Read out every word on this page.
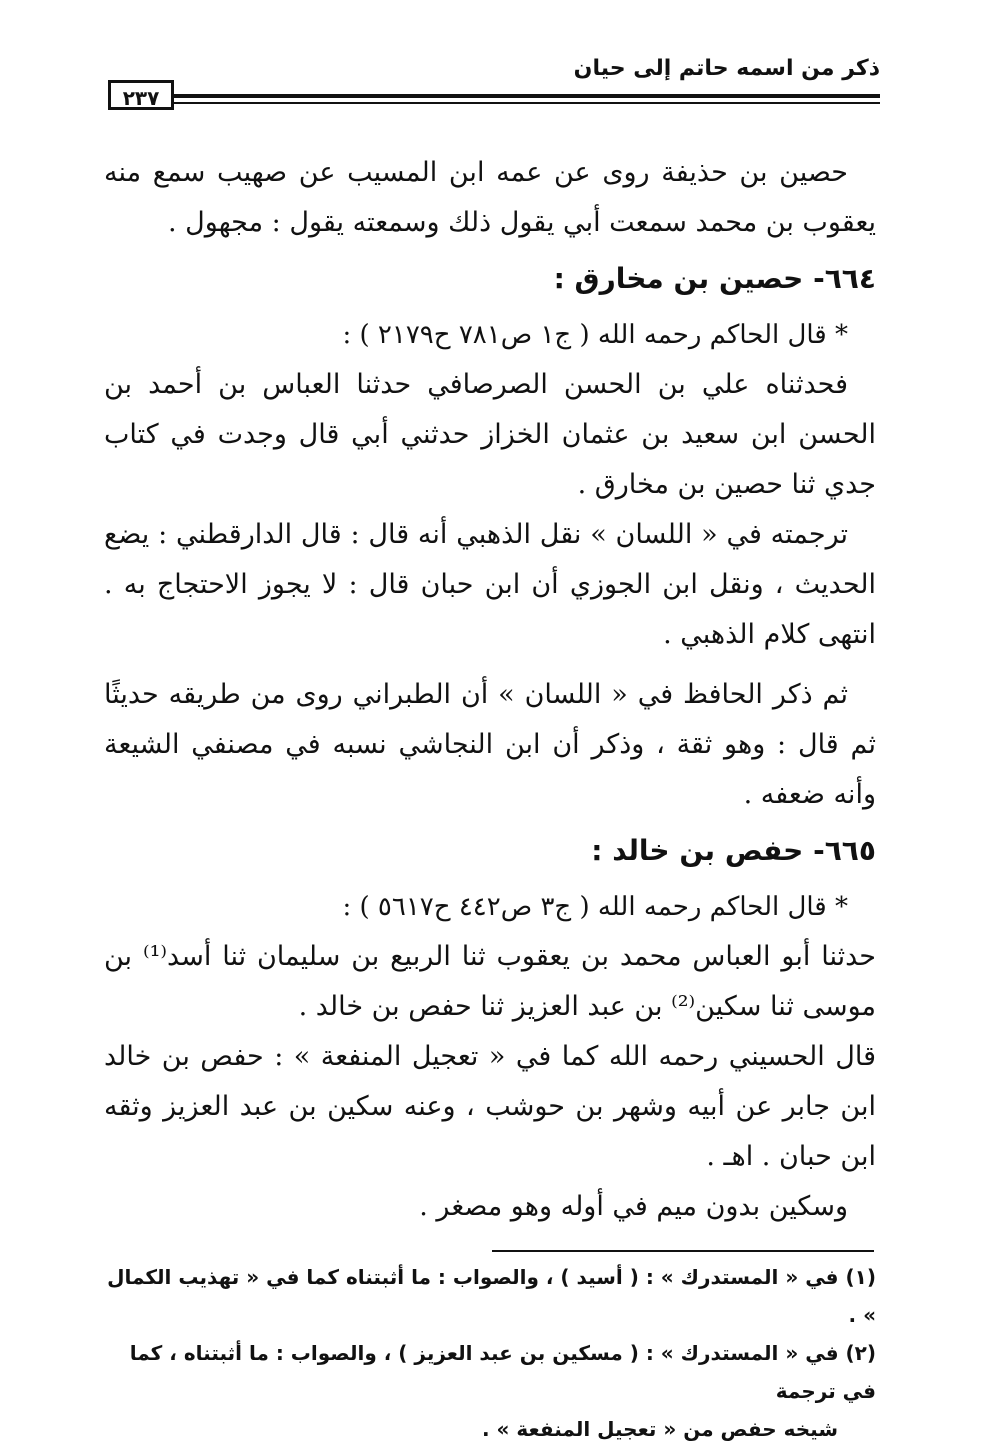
ذكر من اسمه حاتم إلى حيان
٢٣٧

حصين بن حذيفة روى عن عمه ابن المسيب عن صهيب سمع منه يعقوب بن محمد سمعت أبي يقول ذلك وسمعته يقول : مجهول .

٦٦٤- حصين بن مخارق :

* قال الحاكم رحمه الله ( ج١ ص٧٨١ ح٢١٧٩ ) :

فحدثناه علي بن الحسن الصرصافي حدثنا العباس بن أحمد بن الحسن ابن سعيد بن عثمان الخزاز حدثني أبي قال وجدت في كتاب جدي ثنا حصين بن مخارق .

ترجمته في « اللسان » نقل الذهبي أنه قال : قال الدارقطني : يضع الحديث ، ونقل ابن الجوزي أن ابن حبان قال : لا يجوز الاحتجاج به . انتهى كلام الذهبي .

ثم ذكر الحافظ في « اللسان » أن الطبراني روى من طريقه حديثًا ثم قال : وهو ثقة ، وذكر أن ابن النجاشي نسبه في مصنفي الشيعة وأنه ضعفه .

٦٦٥- حفص بن خالد :

* قال الحاكم رحمه الله ( ج٣ ص٤٤٢ ح٥٦١٧ ) :

حدثنا أبو العباس محمد بن يعقوب ثنا الربيع بن سليمان ثنا أسد⁽¹⁾ بن موسى ثنا سكين⁽²⁾ بن عبد العزيز ثنا حفص بن خالد .

قال الحسيني رحمه الله كما في « تعجيل المنفعة » : حفص بن خالد ابن جابر عن أبيه وشهر بن حوشب ، وعنه سكين بن عبد العزيز وثقه ابن حبان . اهـ .

وسكين بدون ميم في أوله وهو مصغر .

(١) في « المستدرك » : ( أسيد ) ، والصواب : ما أثبتناه كما في « تهذيب الكمال » .

(٢) في « المستدرك » : ( مسكين بن عبد العزيز ) ، والصواب : ما أثبتناه ، كما في ترجمة

شيخه حفص من « تعجيل المنفعة » .
